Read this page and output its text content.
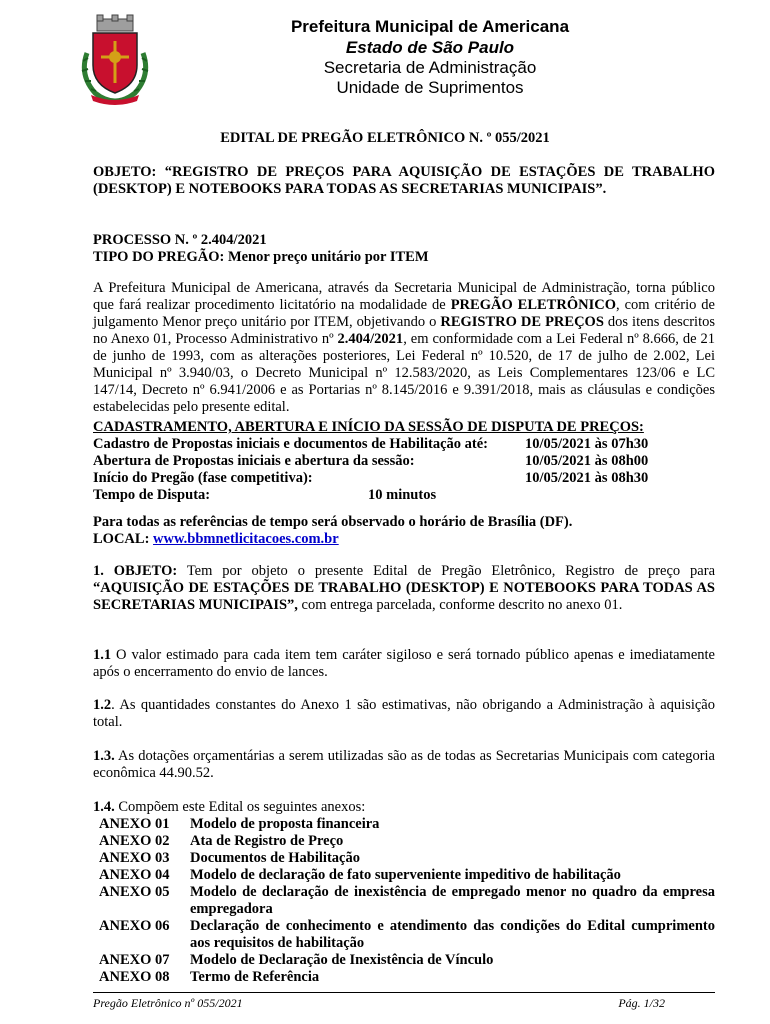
Prefeitura Municipal de Americana
Estado de São Paulo
Secretaria de Administração
Unidade de Suprimentos
EDITAL DE PREGÃO ELETRÔNICO N. º 055/2021
OBJETO: “REGISTRO DE PREÇOS PARA AQUISIÇÃO DE ESTAÇÕES DE TRABALHO (DESKTOP) E NOTEBOOKS PARA TODAS AS SECRETARIAS MUNICIPAIS”.
PROCESSO N. º 2.404/2021
TIPO DO PREGÃO: Menor preço unitário por ITEM
A Prefeitura Municipal de Americana, através da Secretaria Municipal de Administração, torna público que fará realizar procedimento licitatório na modalidade de PREGÃO ELETRÔNICO, com critério de julgamento Menor preço unitário por ITEM, objetivando o REGISTRO DE PREÇOS dos itens descritos no Anexo 01, Processo Administrativo nº 2.404/2021, em conformidade com a Lei Federal nº 8.666, de 21 de junho de 1993, com as alterações posteriores, Lei Federal nº 10.520, de 17 de julho de 2.002, Lei Municipal nº 3.940/03, o Decreto Municipal nº 12.583/2020, as Leis Complementares 123/06 e LC 147/14, Decreto nº 6.941/2006 e as Portarias nº 8.145/2016 e 9.391/2018, mais as cláusulas e condições estabelecidas pelo presente edital.
CADASTRAMENTO, ABERTURA E INÍCIO DA SESSÃO DE DISPUTA DE PREÇOS:
Cadastro de Propostas iniciais e documentos de Habilitação até:	10/05/2021 às 07h30
Abertura de Propostas iniciais e abertura da sessão:	10/05/2021 às 08h00
Início do Pregão (fase competitiva):	10/05/2021 às 08h30
Tempo de Disputa:	10 minutos
Para todas as referências de tempo será observado o horário de Brasília (DF).
LOCAL: www.bbmnetlicitacoes.com.br
1. OBJETO: Tem por objeto o presente Edital de Pregão Eletrônico, Registro de preço para “AQUISIÇÃO DE ESTAÇÕES DE TRABALHO (DESKTOP) E NOTEBOOKS PARA TODAS AS SECRETARIAS MUNICIPAIS”, com entrega parcelada, conforme descrito no anexo 01.
1.1 O valor estimado para cada item tem caráter sigiloso e será tornado público apenas e imediatamente após o encerramento do envio de lances.
1.2. As quantidades constantes do Anexo 1 são estimativas, não obrigando a Administração à aquisição total.
1.3. As dotações orçamentárias a serem utilizadas são as de todas as Secretarias Municipais com categoria econômica 44.90.52.
1.4. Compõem este Edital os seguintes anexos:
ANEXO 01	Modelo de proposta financeira
ANEXO 02	Ata de Registro de Preço
ANEXO 03	Documentos de Habilitação
ANEXO 04	Modelo de declaração de fato superveniente impeditivo de habilitação
ANEXO 05	Modelo de declaração de inexistência de empregado menor no quadro da empresa empregadora
ANEXO 06	Declaração de conhecimento e atendimento das condições do Edital cumprimento aos requisitos de habilitação
ANEXO 07	Modelo de Declaração de Inexistência de Vínculo
ANEXO 08	Termo de Referência
Pregão Eletrônico nº 055/2021	Pág. 1/32
